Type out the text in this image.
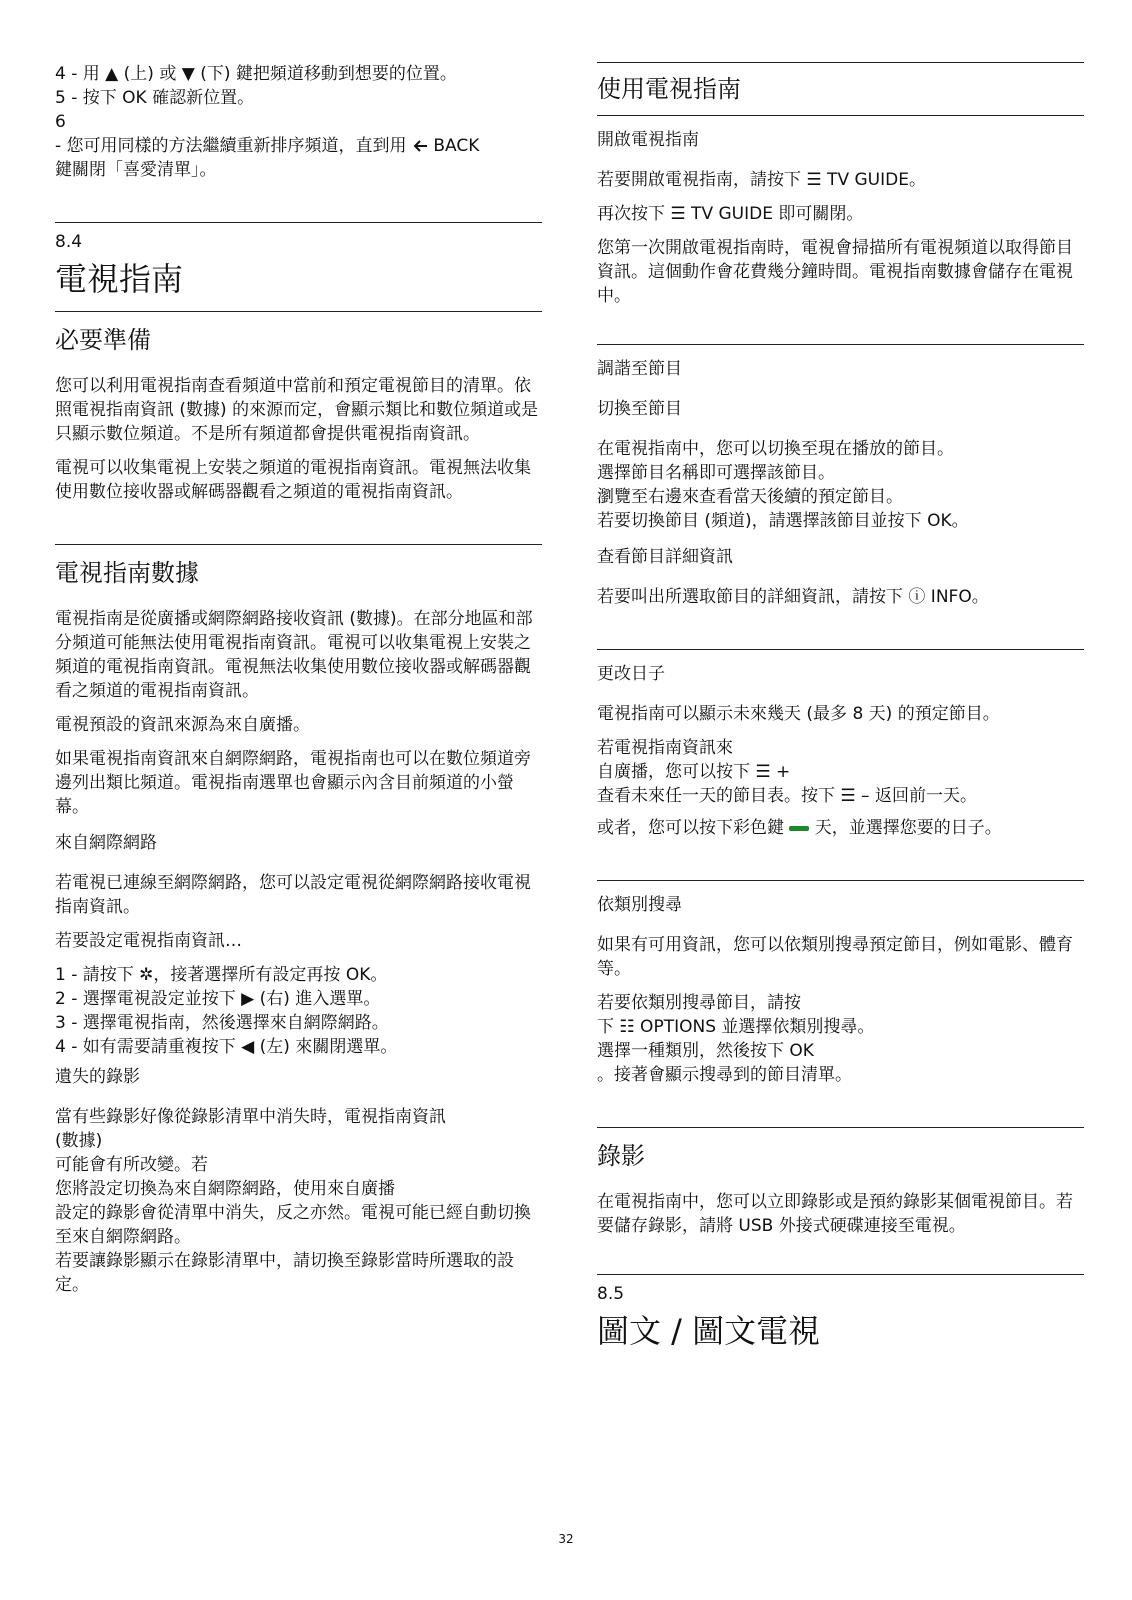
4 - 用 ▲ (上) 或 ▼ (下) 鍵把頻道移動到想要的位置。
5 - 按下 OK 確認新位置。
6
- 您可用同樣的方法繼續重新排序頻道，直到用  BACK
鍵關閉「喜愛清單」。
8.4
電視指南
必要準備

您可以利用電視指南查看頻道中當前和預定電視節目的清單。依照電視指南資訊 (數據) 的來源而定，會顯示類比和數位頻道或是只顯示數位頻道。不是所有頻道都會提供電視指南資訊。

電視可以收集電視上安裝之頻道的電視指南資訊。電視無法收集使用數位接收器或解碼器觀看之頻道的電視指南資訊。

電視指南數據

電視指南是從廣播或網際網路接收資訊 (數據)。在部分地區和部分頻道可能無法使用電視指南資訊。電視可以收集電視上安裝之頻道的電視指南資訊。電視無法收集使用數位接收器或解碼器觀看之頻道的電視指南資訊。

電視預設的資訊來源為來自廣播。

如果電視指南資訊來自網際網路，電視指南也可以在數位頻道旁邊列出類比頻道。電視指南選單也會顯示內含目前頻道的小螢幕。

來自網際網路

若電視已連線至網際網路，您可以設定電視從網際網路接收電視指南資訊。

若要設定電視指南資訊…

1 - 請按下 ✲，接著選擇所有設定再按 OK。
2 - 選擇電視設定並按下 ▶ (右) 進入選單。
3 - 選擇電視指南，然後選擇來自網際網路。
4 - 如有需要請重複按下 ◀ (左) 來關閉選單。
遺失的錄影
當有些錄影好像從錄影清單中消失時，電視指南資訊
(數據)
可能會有所改變。若
您將設定切換為來自網際網路，使用來自廣播
設定的錄影會從清單中消失，反之亦然。電視可能已經自動切換至來自網際網路。
若要讓錄影顯示在錄影清單中，請切換至錄影當時所選取的設定。
使用電視指南
開啟電視指南

若要開啟電視指南，請按下 ☰ TV GUIDE。

再次按下 ☰ TV GUIDE 即可關閉。

您第一次開啟電視指南時，電視會掃描所有電視頻道以取得節目資訊。這個動作會花費幾分鐘時間。電視指南數據會儲存在電視中。

調諧至節目
切換至節目
在電視指南中，您可以切換至現在播放的節目。
選擇節目名稱即可選擇該節目。
瀏覽至右邊來查看當天後續的預定節目。
若要切換節目 (頻道)，請選擇該節目並按下 OK。
查看節目詳細資訊

若要叫出所選取節目的詳細資訊，請按下 ⓘ INFO。

更改日子

電視指南可以顯示未來幾天 (最多 8 天) 的預定節目。

若電視指南資訊來
自廣播，您可以按下 ☰ +
查看未來任一天的節目表。按下 ☰ – 返回前一天。
或者，您可以按下彩色鍵  天，並選擇您要的日子。
依類別搜尋

如果有可用資訊，您可以依類別搜尋預定節目，例如電影、體育等。

若要依類別搜尋節目，請按
下 ☷ OPTIONS 並選擇依類別搜尋。
選擇一種類別，然後按下 OK
。接著會顯示搜尋到的節目清單。
錄影

在電視指南中，您可以立即錄影或是預約錄影某個電視節目。若要儲存錄影，請將 USB 外接式硬碟連接至電視。

8.5
圖文 / 圖文電視
32
